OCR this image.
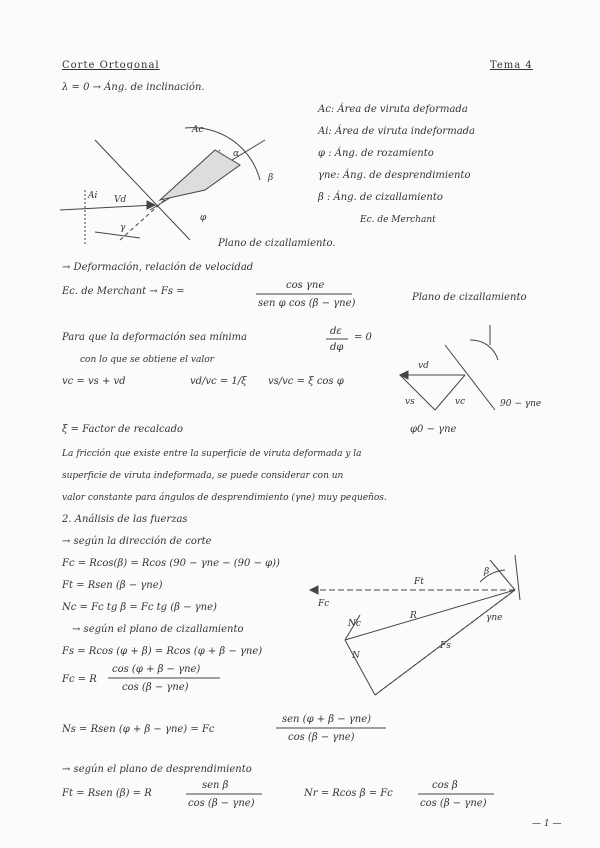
Corte Ortogonal	Tema 4
λ = 0 → Áng. de inclinación.
Ac
Ai Vd
φ
α
β
γ
Plano de cizallamiento.
Ac: Área de viruta deformada
Ai: Área de viruta indeformada
φ : Áng. de rozamiento
γne: Áng. de desprendimiento
β : Áng. de cizallamiento
Ec. de Merchant
→ Deformación, relación de velocidad
Ec. de Merchant → Fs =
cos γne
sen φ cos (β − γne)
Plano de cizallamiento
Para que la deformación sea mínima
dε
dφ
= 0
con lo que se obtiene el valor
vc = vs + vd	vd/vc = 1/ξ vs/vc = ξ cos φ
vd
vs	vc	90 − γne
φ0 − γne
ξ = Factor de recalcado
La fricción que existe entre la superficie de viruta deformada y la
superficie de viruta indeformada, se puede considerar con un
valor constante para ángulos de desprendimiento (γne) muy pequeños.
2. Análisis de las fuerzas
→ según la dirección de corte
Fc = Rcos(β) = Rcos (90 − γne − (90 − φ))
Ft = Rsen (β − γne)
Nc = Fc tg β = Fc tg (β − γne)
→ según el plano de cizallamiento
Fs = Rcos (φ + β) = Rcos (φ + β − γne)
Fc = R
cos (φ + β − γne)
cos (β − γne)
Ft
Fc
Fs
R
N
Nc
β
γne
Ns = Rsen (φ + β − γne) = Fc
sen (φ + β − γne)
cos (β − γne)
→ según el plano de desprendimiento
Ft = Rsen (β) = R
sen β
cos (β − γne)
Nr = Rcos β = Fc
cos β
cos (β − γne)
— 1 —
